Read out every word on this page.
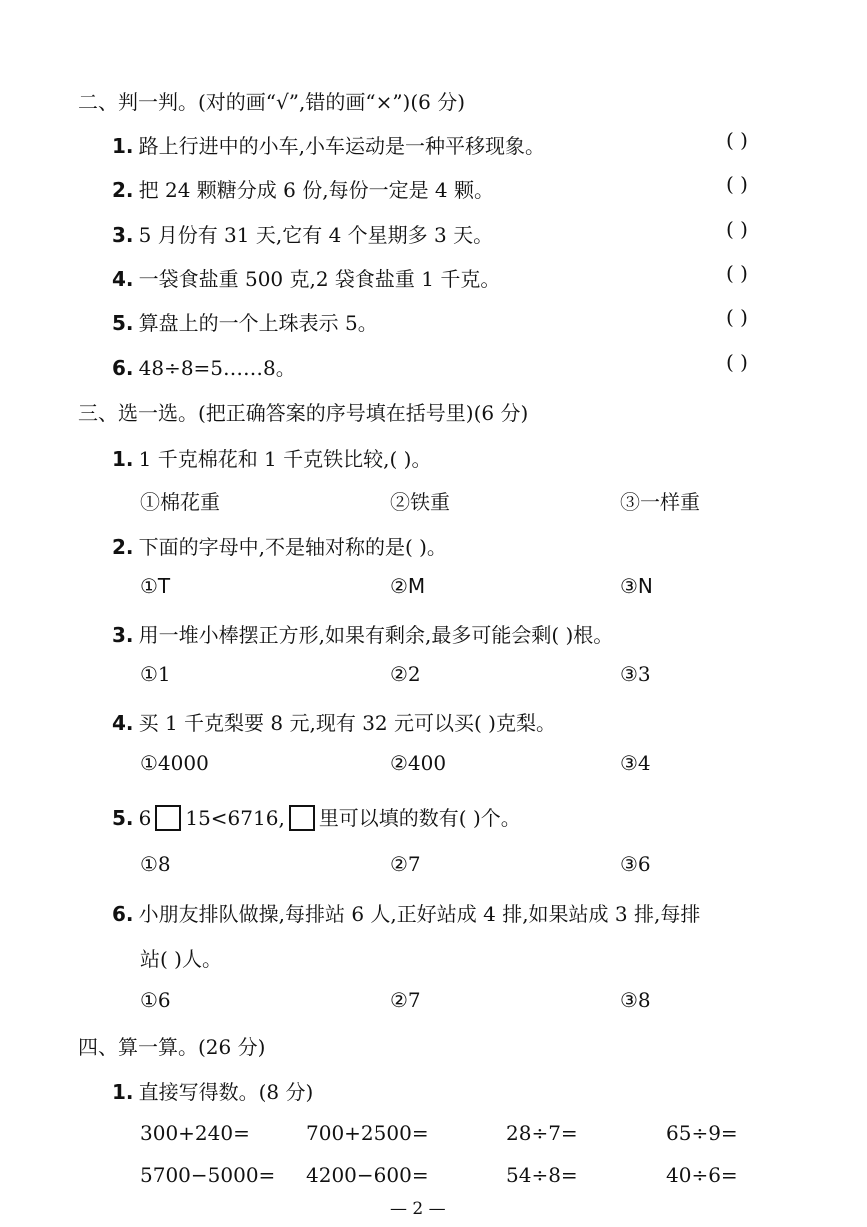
二、判一判。(对的画“√”,错的画“×”)(6 分)
1. 路上行进中的小车,小车运动是一种平移现象。	( )
2. 把 24 颗糖分成 6 份,每份一定是 4 颗。	( )
3. 5 月份有 31 天,它有 4 个星期多 3 天。	( )
4. 一袋食盐重 500 克,2 袋食盐重 1 千克。	( )
5. 算盘上的一个上珠表示 5。	( )
6. 48÷8=5……8。	( )
三、选一选。(把正确答案的序号填在括号里)(6 分)
1. 1 千克棉花和 1 千克铁比较,( )。
①棉花重	②铁重	③一样重
2. 下面的字母中,不是轴对称的是( )。
①T	②M	③N
3. 用一堆小棒摆正方形,如果有剩余,最多可能会剩( )根。
①1	②2	③3
4. 买 1 千克梨要 8 元,现有 32 元可以买( )克梨。
①4000	②400	③4
5. 6 15<6716, 里可以填的数有( )个。
①8	②7	③6
6. 小朋友排队做操,每排站 6 人,正好站成 4 排,如果站成 3 排,每排
站( )人。
①6	②7	③8
四、算一算。(26 分)
1. 直接写得数。(8 分)
300+240=	700+2500=	28÷7=	65÷9=
5700−5000= 4200−600=	54÷8=	40÷6=
— 2 —
